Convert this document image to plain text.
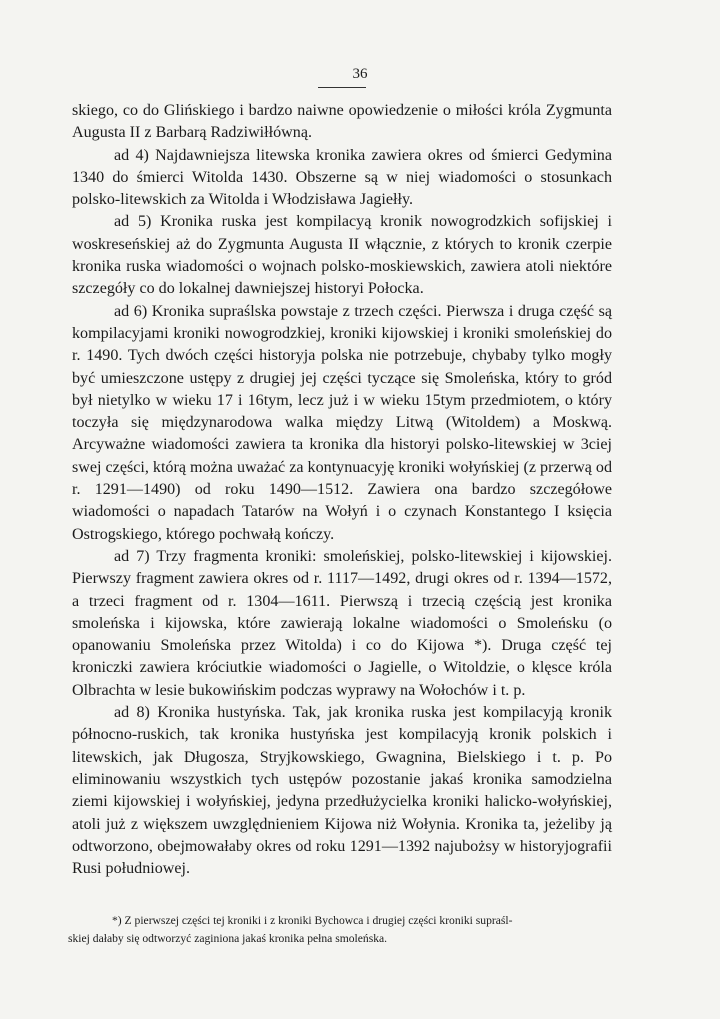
36

skiego, co do Glińskiego i bardzo naiwne opowiedzenie o miłości króla Zygmunta Augusta II z Barbarą Radziwiłłówną.

ad 4) Najdawniejsza litewska kronika zawiera okres od śmierci Gedymina 1340 do śmierci Witolda 1430. Obszerne są w niej wiadomości o stosunkach polsko-litewskich za Witolda i Włodzisława Jagiełły.

ad 5) Kronika ruska jest kompilacyą kronik nowogrodzkich sofijskiej i woskreseńskiej aż do Zygmunta Augusta II włącznie, z których to kronik czerpie kronika ruska wiadomości o wojnach polsko-moskiewskich, zawiera atoli niektóre szczegóły co do lokalnej dawniejszej historyi Połocka.

ad 6) Kronika supraślska powstaje z trzech części. Pierwsza i druga część są kompilacyjami kroniki nowogrodzkiej, kroniki kijowskiej i kroniki smoleńskiej do r. 1490. Tych dwóch części historyja polska nie potrzebuje, chybaby tylko mogły być umieszczone ustępy z drugiej jej części tyczące się Smoleńska, który to gród był nietylko w wieku 17 i 16tym, lecz już i w wieku 15tym przedmiotem, o który toczyła się międzynarodowa walka między Litwą (Witoldem) a Moskwą. Arcyważne wiadomości zawiera ta kronika dla historyi polsko-litewskiej w 3ciej swej części, którą można uważać za kontynuacyję kroniki wołyńskiej (z przerwą od r. 1291—1490) od roku 1490—1512. Zawiera ona bardzo szczegółowe wiadomości o napadach Tatarów na Wołyń i o czynach Konstantego I księcia Ostrogskiego, którego pochwałą kończy.

ad 7) Trzy fragmenta kroniki: smoleńskiej, polsko-litewskiej i kijowskiej. Pierwszy fragment zawiera okres od r. 1117—1492, drugi okres od r. 1394—1572, a trzeci fragment od r. 1304—1611. Pierwszą i trzecią częścią jest kronika smoleńska i kijowska, które zawierają lokalne wiadomości o Smoleńsku (o opanowaniu Smoleńska przez Witolda) i co do Kijowa *). Druga część tej kroniczki zawiera króciutkie wiadomości o Jagielle, o Witoldzie, o klęsce króla Olbrachta w lesie bukowińskim podczas wyprawy na Wołochów i t. p.

ad 8) Kronika hustyńska. Tak, jak kronika ruska jest kompilacyją kronik północno-ruskich, tak kronika hustyńska jest kompilacyją kronik polskich i litewskich, jak Długosza, Stryjkowskiego, Gwagnina, Bielskiego i t. p. Po eliminowaniu wszystkich tych ustępów pozostanie jakaś kronika samodzielna ziemi kijowskiej i wołyńskiej, jedyna przedłużycielka kroniki halicko-wołyńskiej, atoli już z większem uwzględnieniem Kijowa niż Wołynia. Kronika ta, jeżeliby ją odtworzono, obejmowałaby okres od roku 1291—1392 najubożsy w historyjografii Rusi południowej.

*) Z pierwszej części tej kroniki i z kroniki Bychowca i drugiej części kroniki supraśl-
skiej dałaby się odtworzyć zaginiona jakaś kronika pełna smoleńska.
